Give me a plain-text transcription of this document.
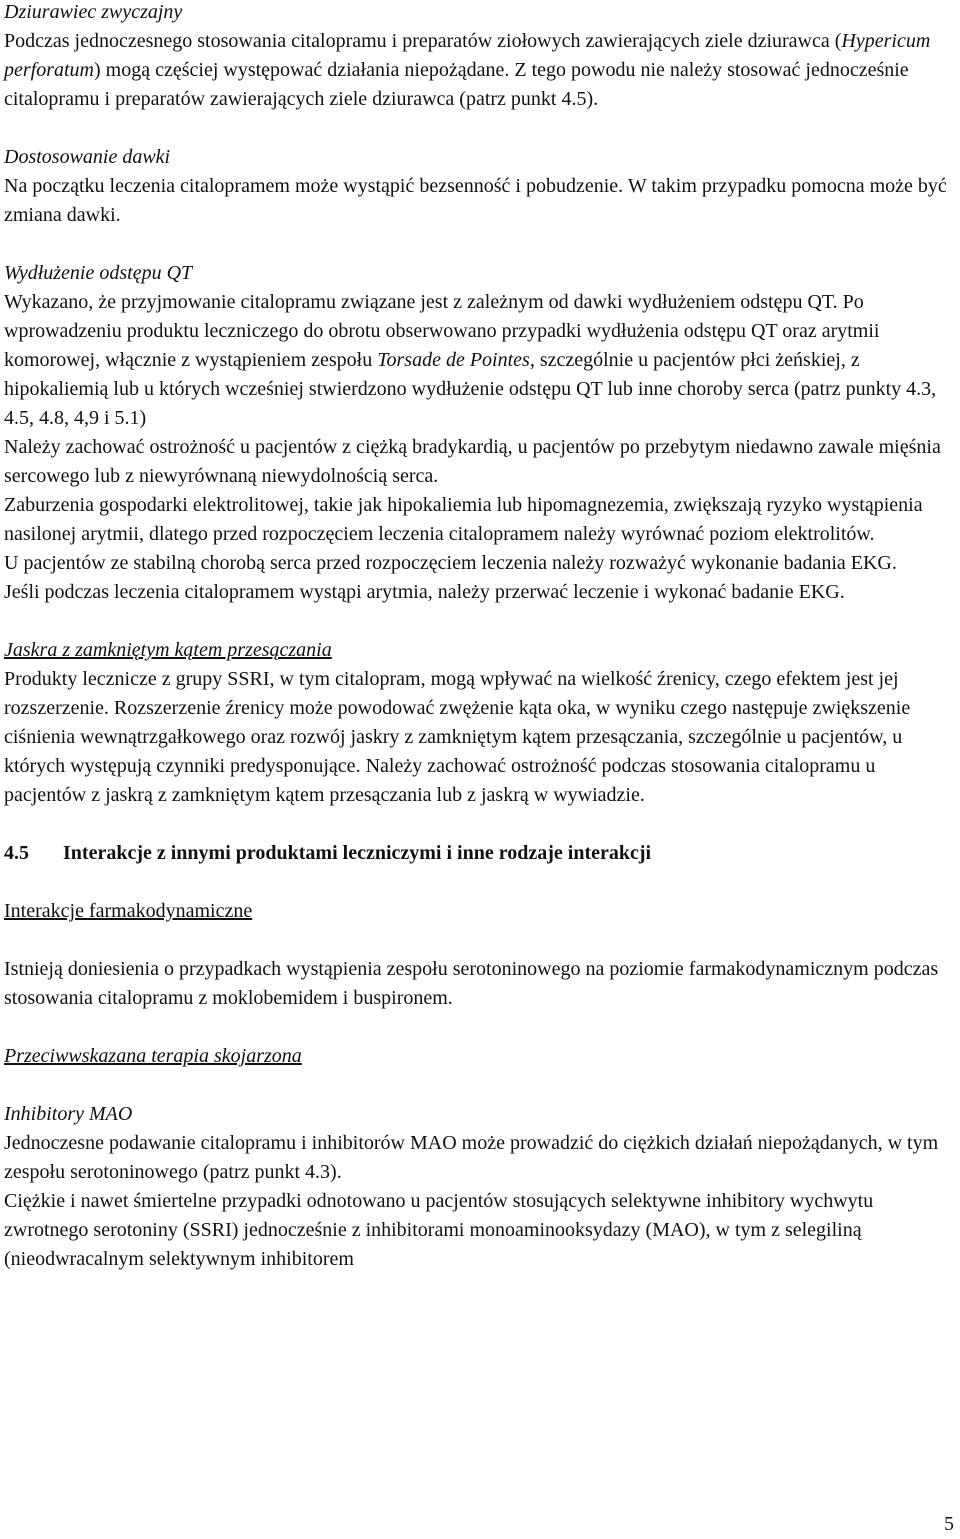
Dziurawiec zwyczajny

Podczas jednoczesnego stosowania citalopramu i preparatów ziołowych zawierających ziele dziurawca (Hypericum perforatum) mogą częściej występować działania niepożądane. Z tego powodu nie należy stosować jednocześnie citalopramu i preparatów zawierających ziele dziurawca (patrz punkt 4.5).

Dostosowanie dawki

Na początku leczenia citalopramem może wystąpić bezsenność i pobudzenie. W takim przypadku pomocna może być zmiana dawki.

Wydłużenie odstępu QT

Wykazano, że przyjmowanie citalopramu związane jest z zależnym od dawki wydłużeniem odstępu QT. Po wprowadzeniu produktu leczniczego do obrotu obserwowano przypadki wydłużenia odstępu QT oraz arytmii komorowej, włącznie z wystąpieniem zespołu Torsade de Pointes, szczególnie u pacjentów płci żeńskiej, z hipokaliemią lub u których wcześniej stwierdzono wydłużenie odstępu QT lub inne choroby serca (patrz punkty 4.3, 4.5, 4.8, 4,9 i 5.1)

Należy zachować ostrożność u pacjentów z ciężką bradykardią, u pacjentów po przebytym niedawno zawale mięśnia sercowego lub z niewyrównaną niewydolnością serca.

Zaburzenia gospodarki elektrolitowej, takie jak hipokaliemia lub hipomagnezemia, zwiększają ryzyko wystąpienia nasilonej arytmii, dlatego przed rozpoczęciem leczenia citalopramem należy wyrównać poziom elektrolitów.

U pacjentów ze stabilną chorobą serca przed rozpoczęciem leczenia należy rozważyć wykonanie badania EKG.

Jeśli podczas leczenia citalopramem wystąpi arytmia, należy przerwać leczenie i wykonać badanie EKG.

Jaskra z zamkniętym kątem przesączania

Produkty lecznicze z grupy SSRI, w tym citalopram, mogą wpływać na wielkość źrenicy, czego efektem jest jej rozszerzenie. Rozszerzenie źrenicy może powodować zwężenie kąta oka, w wyniku czego następuje zwiększenie ciśnienia wewnątrzgałkowego oraz rozwój jaskry z zamkniętym kątem przesączania, szczególnie u pacjentów, u których występują czynniki predysponujące. Należy zachować ostrożność podczas stosowania citalopramu u pacjentów z jaskrą z zamkniętym kątem przesączania lub z jaskrą w wywiadzie.

4.5 Interakcje z innymi produktami leczniczymi i inne rodzaje interakcji

Interakcje farmakodynamiczne

Istnieją doniesienia o przypadkach wystąpienia zespołu serotoninowego na poziomie farmakodynamicznym podczas stosowania citalopramu z moklobemidem i buspironem.

Przeciwwskazana terapia skojarzona

Inhibitory MAO

Jednoczesne podawanie citalopramu i inhibitorów MAO może prowadzić do ciężkich działań niepożądanych, w tym zespołu serotoninowego (patrz punkt 4.3).

Ciężkie i nawet śmiertelne przypadki odnotowano u pacjentów stosujących selektywne inhibitory wychwytu zwrotnego serotoniny (SSRI) jednocześnie z inhibitorami monoaminooksydazy (MAO), w tym z selegiliną (nieodwracalnym selektywnym inhibitorem

5
